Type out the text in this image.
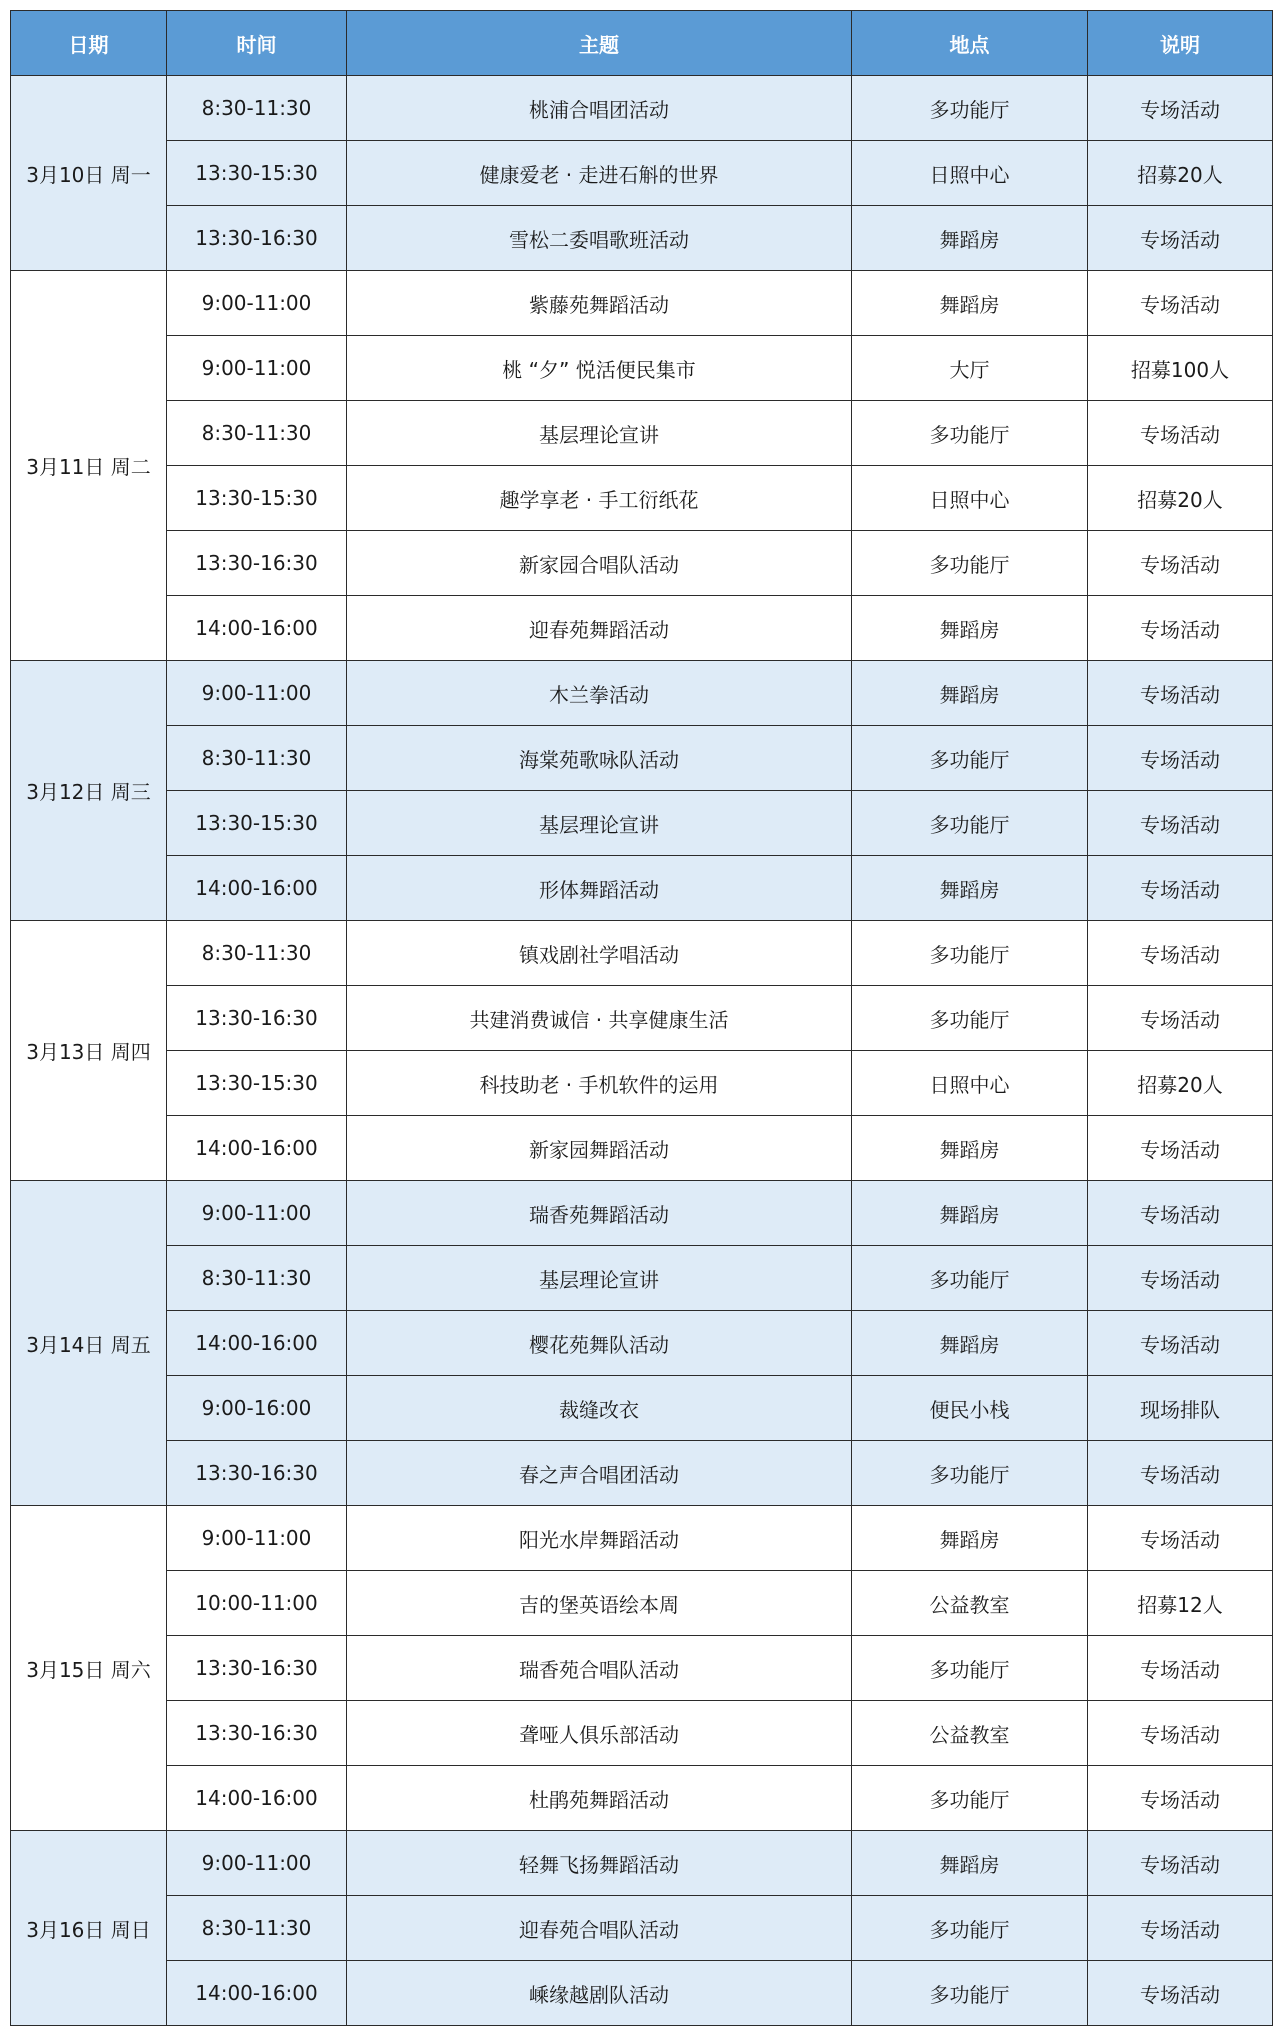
日期	时间	主题	地点	说明
3月10日 周一	8:30-11:30	桃浦合唱团活动	多功能厅	专场活动
	13:30-15:30	健康爱老 · 走进石斛的世界	日照中心	招募20人
	13:30-16:30	雪松二委唱歌班活动	舞蹈房	专场活动
3月11日 周二	9:00-11:00	紫藤苑舞蹈活动	舞蹈房	专场活动
	9:00-11:00	桃 “夕” 悦活便民集市	大厅	招募100人
	8:30-11:30	基层理论宣讲	多功能厅	专场活动
	13:30-15:30	趣学享老 · 手工衍纸花	日照中心	招募20人
	13:30-16:30	新家园合唱队活动	多功能厅	专场活动
	14:00-16:00	迎春苑舞蹈活动	舞蹈房	专场活动
3月12日 周三	9:00-11:00	木兰拳活动	舞蹈房	专场活动
	8:30-11:30	海棠苑歌咏队活动	多功能厅	专场活动
	13:30-15:30	基层理论宣讲	多功能厅	专场活动
	14:00-16:00	形体舞蹈活动	舞蹈房	专场活动
3月13日 周四	8:30-11:30	镇戏剧社学唱活动	多功能厅	专场活动
	13:30-16:30	共建消费诚信 · 共享健康生活	多功能厅	专场活动
	13:30-15:30	科技助老 · 手机软件的运用	日照中心	招募20人
	14:00-16:00	新家园舞蹈活动	舞蹈房	专场活动
3月14日 周五	9:00-11:00	瑞香苑舞蹈活动	舞蹈房	专场活动
	8:30-11:30	基层理论宣讲	多功能厅	专场活动
	14:00-16:00	樱花苑舞队活动	舞蹈房	专场活动
	9:00-16:00	裁缝改衣	便民小栈	现场排队
	13:30-16:30	春之声合唱团活动	多功能厅	专场活动
3月15日 周六	9:00-11:00	阳光水岸舞蹈活动	舞蹈房	专场活动
	10:00-11:00	吉的堡英语绘本周	公益教室	招募12人
	13:30-16:30	瑞香苑合唱队活动	多功能厅	专场活动
	13:30-16:30	聋哑人俱乐部活动	公益教室	专场活动
	14:00-16:00	杜鹃苑舞蹈活动	多功能厅	专场活动
3月16日 周日	9:00-11:00	轻舞飞扬舞蹈活动	舞蹈房	专场活动
	8:30-11:30	迎春苑合唱队活动	多功能厅	专场活动
	14:00-16:00	嵊缘越剧队活动	多功能厅	专场活动
